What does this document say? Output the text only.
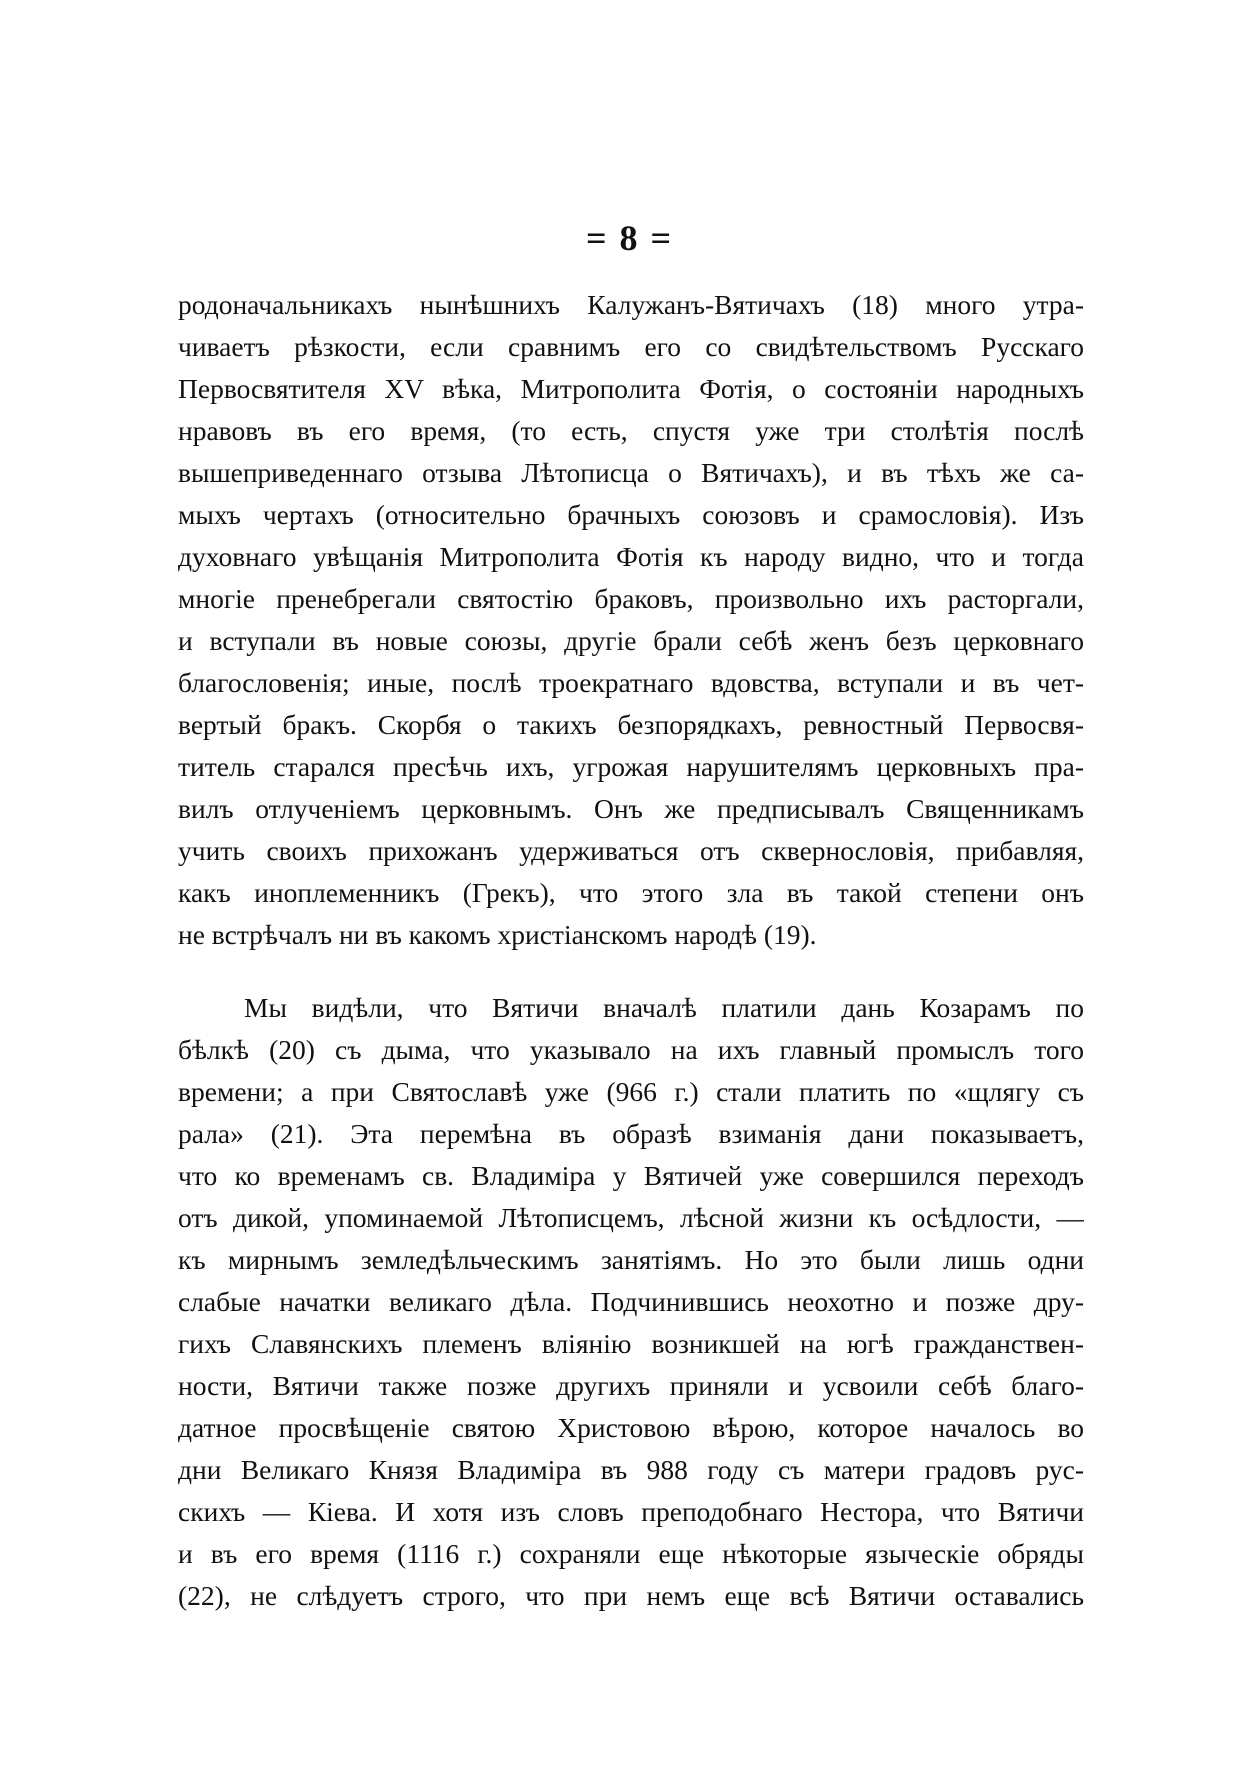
= 8 =
родоначальникахъ нынѣшнихъ Калужанъ-Вятичахъ (18) много утра-
чиваетъ рѣзкости, если сравнимъ его со свидѣтельствомъ Русскаго
Первосвятителя XV вѣка, Митрополита Фотія, о состояніи народныхъ
нравовъ въ его время, (то есть, спустя уже три столѣтія послѣ
вышеприведеннаго отзыва Лѣтописца о Вятичахъ), и въ тѣхъ же са-
мыхъ чертахъ (относительно брачныхъ союзовъ и срамословія). Изъ
духовнаго увѣщанія Митрополита Фотія къ народу видно, что и тогда
многіе пренебрегали святостію браковъ, произвольно ихъ расторгали,
и вступали въ новые союзы, другіе брали себѣ женъ безъ церковнаго
благословенія; иные, послѣ троекратнаго вдовства, вступали и въ чет-
вертый бракъ. Скорбя о такихъ безпорядкахъ, ревностный Первосвя-
титель старался пресѣчь ихъ, угрожая нарушителямъ церковныхъ пра-
вилъ отлученіемъ церковнымъ. Онъ же предписывалъ Священникамъ
учить своихъ прихожанъ удерживаться отъ сквернословія, прибавляя,
какъ иноплеменникъ (Грекъ), что этого зла въ такой степени онъ
не встрѣчалъ ни въ какомъ христіанскомъ народѣ (19).
Мы видѣли, что Вятичи вначалѣ платили дань Козарамъ по
бѣлкѣ (20) съ дыма, что указывало на ихъ главный промыслъ того
времени; а при Святославѣ уже (966 г.) стали платить по «щлягу съ
рала» (21). Эта перемѣна въ образѣ взиманія дани показываетъ,
что ко временамъ св. Владиміра у Вятичей уже совершился переходъ
отъ дикой, упоминаемой Лѣтописцемъ, лѣсной жизни къ осѣдлости, —
къ мирнымъ земледѣльческимъ занятіямъ. Но это были лишь одни
слабые начатки великаго дѣла. Подчинившись неохотно и позже дру-
гихъ Славянскихъ племенъ вліянію возникшей на югѣ гражданствен-
ности, Вятичи также позже другихъ приняли и усвоили себѣ благо-
датное просвѣщеніе святою Христовою вѣрою, которое началось во
дни Великаго Князя Владиміра въ 988 году съ матери градовъ рус-
скихъ — Кіева. И хотя изъ словъ преподобнаго Нестора, что Вятичи
и въ его время (1116 г.) сохраняли еще нѣкоторые языческіе обряды
(22), не слѣдуетъ строго, что при немъ еще всѣ Вятичи оставались
